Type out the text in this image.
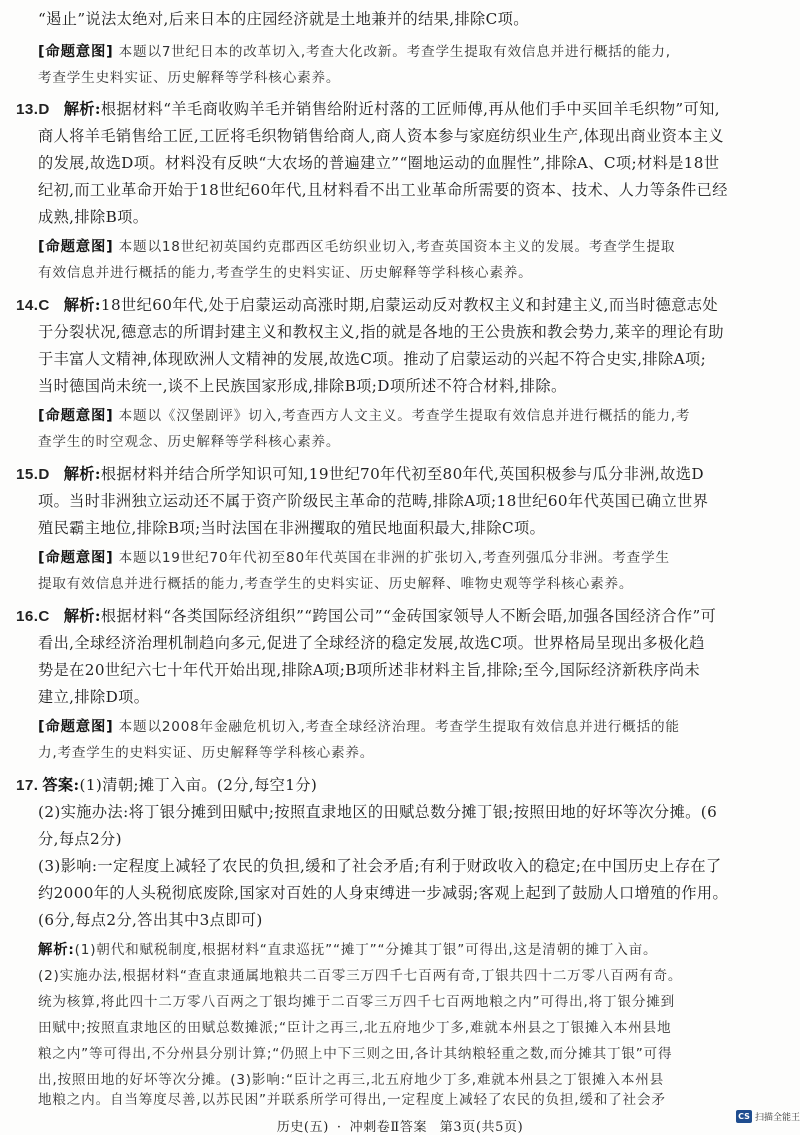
“遏止”说法太绝对,后来日本的庄园经济就是土地兼并的结果,排除C项。
[命题意图] 本题以7世纪日本的改革切入,考查大化改新。考查学生提取有效信息并进行概括的能力,
考查学生史料实证、历史解释等学科核心素养。
13.D 解析:根据材料“羊毛商收购羊毛并销售给附近村落的工匠师傅,再从他们手中买回羊毛织物”可知,
商人将羊毛销售给工匠,工匠将毛织物销售给商人,商人资本参与家庭纺织业生产,体现出商业资本主义
的发展,故选D项。材料没有反映“大农场的普遍建立”“圈地运动的血腥性”,排除A、C项;材料是18世
纪初,而工业革命开始于18世纪60年代,且材料看不出工业革命所需要的资本、技术、人力等条件已经
成熟,排除B项。
[命题意图] 本题以18世纪初英国约克郡西区毛纺织业切入,考查英国资本主义的发展。考查学生提取
有效信息并进行概括的能力,考查学生的史料实证、历史解释等学科核心素养。
14.C 解析:18世纪60年代,处于启蒙运动高涨时期,启蒙运动反对教权主义和封建主义,而当时德意志处
于分裂状况,德意志的所谓封建主义和教权主义,指的就是各地的王公贵族和教会势力,莱辛的理论有助
于丰富人文精神,体现欧洲人文精神的发展,故选C项。推动了启蒙运动的兴起不符合史实,排除A项;
当时德国尚未统一,谈不上民族国家形成,排除B项;D项所述不符合材料,排除。
[命题意图] 本题以《汉堡剧评》切入,考查西方人文主义。考查学生提取有效信息并进行概括的能力,考
查学生的时空观念、历史解释等学科核心素养。
15.D 解析:根据材料并结合所学知识可知,19世纪70年代初至80年代,英国积极参与瓜分非洲,故选D
项。当时非洲独立运动还不属于资产阶级民主革命的范畴,排除A项;18世纪60年代英国已确立世界
殖民霸主地位,排除B项;当时法国在非洲攫取的殖民地面积最大,排除C项。
[命题意图] 本题以19世纪70年代初至80年代英国在非洲的扩张切入,考查列强瓜分非洲。考查学生
提取有效信息并进行概括的能力,考查学生的史料实证、历史解释、唯物史观等学科核心素养。
16.C 解析:根据材料“各类国际经济组织”“跨国公司”“金砖国家领导人不断会晤,加强各国经济合作”可
看出,全球经济治理机制趋向多元,促进了全球经济的稳定发展,故选C项。世界格局呈现出多极化趋
势是在20世纪六七十年代开始出现,排除A项;B项所述非材料主旨,排除;至今,国际经济新秩序尚未
建立,排除D项。
[命题意图] 本题以2008年金融危机切入,考查全球经济治理。考查学生提取有效信息并进行概括的能
力,考查学生的史料实证、历史解释等学科核心素养。
17. 答案:(1)清朝;摊丁入亩。(2分,每空1分)
(2)实施办法:将丁银分摊到田赋中;按照直隶地区的田赋总数分摊丁银;按照田地的好坏等次分摊。(6
分,每点2分)
(3)影响:一定程度上减轻了农民的负担,缓和了社会矛盾;有利于财政收入的稳定;在中国历史上存在了
约2000年的人头税彻底废除,国家对百姓的人身束缚进一步减弱;客观上起到了鼓励人口增殖的作用。
(6分,每点2分,答出其中3点即可)
解析:(1)朝代和赋税制度,根据材料“直隶巡抚”“摊丁”“分摊其丁银”可得出,这是清朝的摊丁入亩。
(2)实施办法,根据材料“查直隶通属地粮共二百零三万四千七百两有奇,丁银共四十二万零八百两有奇。
统为核算,将此四十二万零八百两之丁银均摊于二百零三万四千七百两地粮之内”可得出,将丁银分摊到
田赋中;按照直隶地区的田赋总数摊派;“臣计之再三,北五府地少丁多,难就本州县之丁银摊入本州县地
粮之内”等可得出,不分州县分别计算;“仍照上中下三则之田,各计其纳粮轻重之数,而分摊其丁银”可得
出,按照田地的好坏等次分摊。(3)影响:“臣计之再三,北五府地少丁多,难就本州县之丁银摊入本州县
历史(五) · 冲刺卷Ⅱ答案 第3页(共5页)
CS 扫描全能王
地粮之内。自当筹度尽善,以苏民困”并联系所学可得出,一定程度上减轻了农民的负担,缓和了社会矛
